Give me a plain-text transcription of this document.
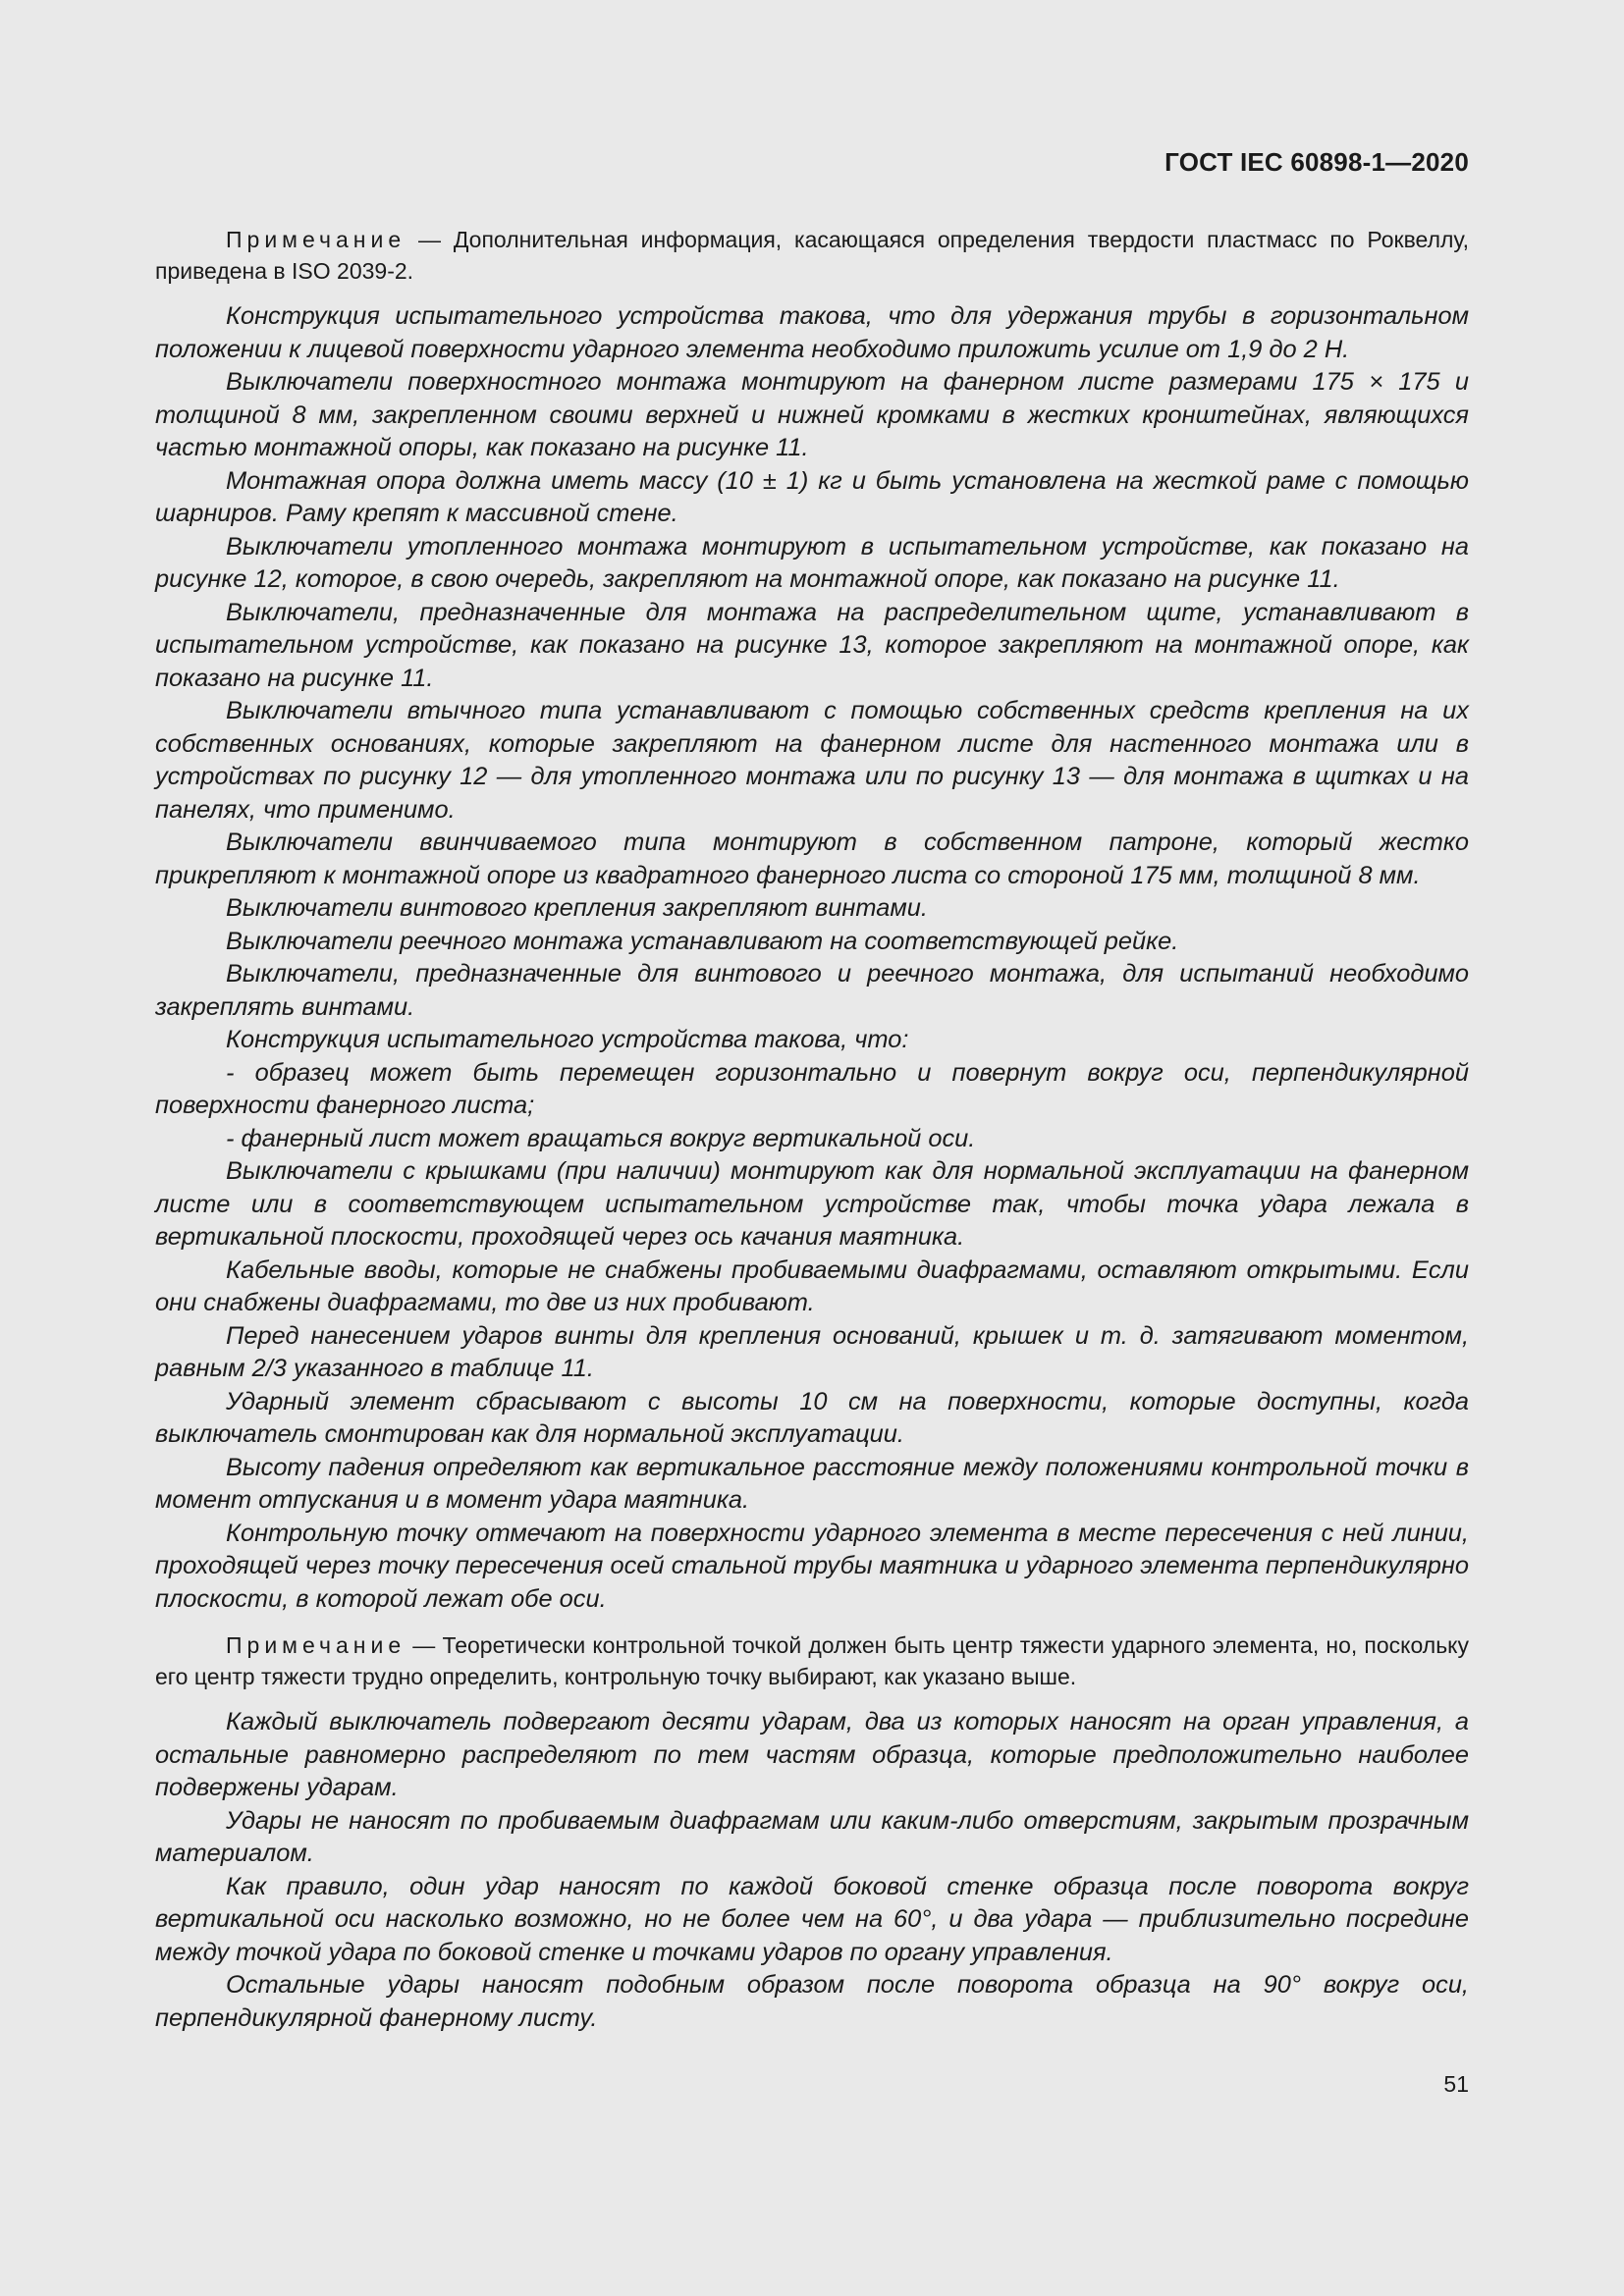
ГОСТ IEC 60898-1—2020

Примечание — Дополнительная информация, касающаяся определения твердости пластмасс по Роквеллу, приведена в ISO 2039-2.

Конструкция испытательного устройства такова, что для удержания трубы в горизонтальном положении к лицевой поверхности ударного элемента необходимо приложить усилие от 1,9 до 2 Н.

Выключатели поверхностного монтажа монтируют на фанерном листе размерами 175 × 175 и толщиной 8 мм, закрепленном своими верхней и нижней кромками в жестких кронштейнах, являющихся частью монтажной опоры, как показано на рисунке 11.

Монтажная опора должна иметь массу (10 ± 1) кг и быть установлена на жесткой раме с помощью шарниров. Раму крепят к массивной стене.

Выключатели утопленного монтажа монтируют в испытательном устройстве, как показано на рисунке 12, которое, в свою очередь, закрепляют на монтажной опоре, как показано на рисунке 11.

Выключатели, предназначенные для монтажа на распределительном щите, устанавливают в испытательном устройстве, как показано на рисунке 13, которое закрепляют на монтажной опоре, как показано на рисунке 11.

Выключатели втычного типа устанавливают с помощью собственных средств крепления на их собственных основаниях, которые закрепляют на фанерном листе для настенного монтажа или в устройствах по рисунку 12 — для утопленного монтажа или по рисунку 13 — для монтажа в щитках и на панелях, что применимо.

Выключатели ввинчиваемого типа монтируют в собственном патроне, который жестко прикрепляют к монтажной опоре из квадратного фанерного листа со стороной 175 мм, толщиной 8 мм.

Выключатели винтового крепления закрепляют винтами.

Выключатели реечного монтажа устанавливают на соответствующей рейке.

Выключатели, предназначенные для винтового и реечного монтажа, для испытаний необходимо закреплять винтами.

Конструкция испытательного устройства такова, что:

- образец может быть перемещен горизонтально и повернут вокруг оси, перпендикулярной поверхности фанерного листа;

- фанерный лист может вращаться вокруг вертикальной оси.

Выключатели с крышками (при наличии) монтируют как для нормальной эксплуатации на фанерном листе или в соответствующем испытательном устройстве так, чтобы точка удара лежала в вертикальной плоскости, проходящей через ось качания маятника.

Кабельные вводы, которые не снабжены пробиваемыми диафрагмами, оставляют открытыми. Если они снабжены диафрагмами, то две из них пробивают.

Перед нанесением ударов винты для крепления оснований, крышек и т. д. затягивают моментом, равным 2/3 указанного в таблице 11.

Ударный элемент сбрасывают с высоты 10 см на поверхности, которые доступны, когда выключатель смонтирован как для нормальной эксплуатации.

Высоту падения определяют как вертикальное расстояние между положениями контрольной точки в момент отпускания и в момент удара маятника.

Контрольную точку отмечают на поверхности ударного элемента в месте пересечения с ней линии, проходящей через точку пересечения осей стальной трубы маятника и ударного элемента перпендикулярно плоскости, в которой лежат обе оси.

Примечание — Теоретически контрольной точкой должен быть центр тяжести ударного элемента, но, поскольку его центр тяжести трудно определить, контрольную точку выбирают, как указано выше.

Каждый выключатель подвергают десяти ударам, два из которых наносят на орган управления, а остальные равномерно распределяют по тем частям образца, которые предположительно наиболее подвержены ударам.

Удары не наносят по пробиваемым диафрагмам или каким-либо отверстиям, закрытым прозрачным материалом.

Как правило, один удар наносят по каждой боковой стенке образца после поворота вокруг вертикальной оси насколько возможно, но не более чем на 60°, и два удара — приблизительно посредине между точкой удара по боковой стенке и точками ударов по органу управления.

Остальные удары наносят подобным образом после поворота образца на 90° вокруг оси, перпендикулярной фанерному листу.

51
